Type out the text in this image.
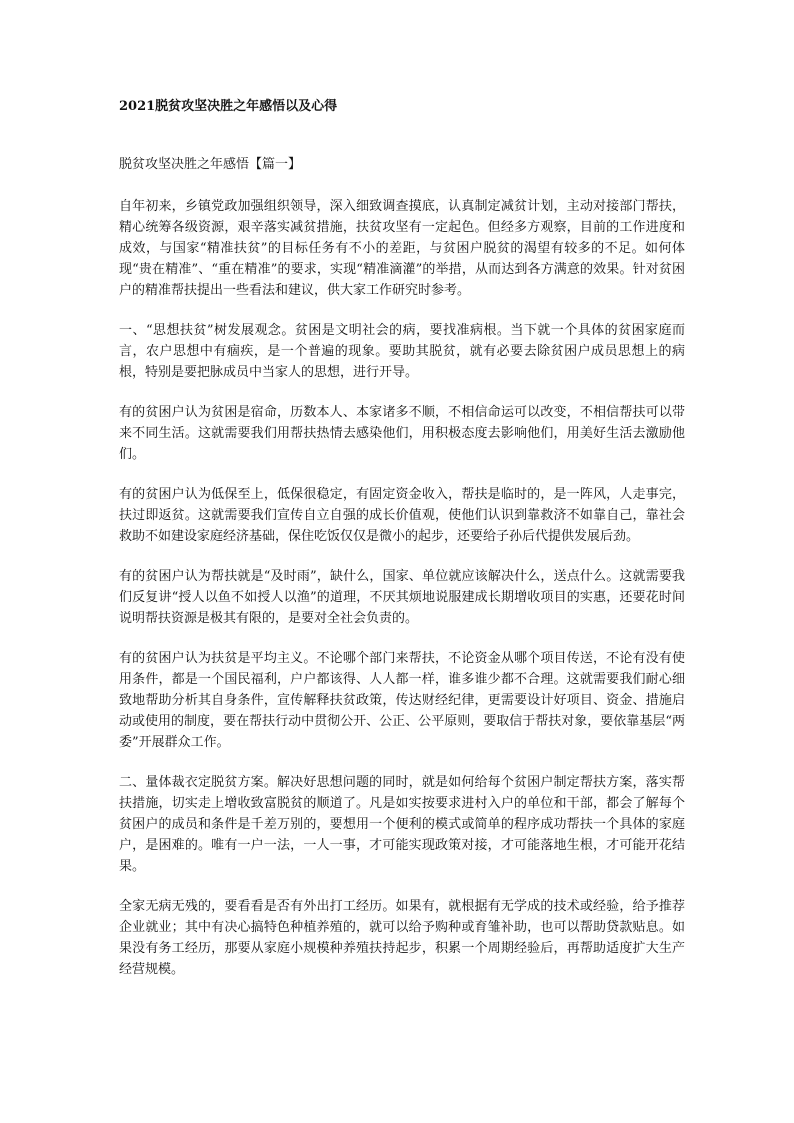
2021脱贫攻坚决胜之年感悟以及心得

脱贫攻坚决胜之年感悟【篇一】

自年初来，乡镇党政加强组织领导，深入细致调查摸底，认真制定减贫计划，主动对接部门帮扶，精心统筹各级资源，艰辛落实减贫措施，扶贫攻坚有一定起色。但经多方观察，目前的工作进度和成效，与国家“精准扶贫”的目标任务有不小的差距，与贫困户脱贫的渴望有较多的不足。如何体现“贵在精准”、“重在精准”的要求，实现“精准滴灌”的举措，从而达到各方满意的效果。针对贫困户的精准帮扶提出一些看法和建议，供大家工作研究时参考。

一、“思想扶贫”树发展观念。贫困是文明社会的病，要找准病根。当下就一个具体的贫困家庭而言，农户思想中有痼疾，是一个普遍的现象。要助其脱贫，就有必要去除贫困户成员思想上的病根，特别是要把脉成员中当家人的思想，进行开导。

有的贫困户认为贫困是宿命，历数本人、本家诸多不顺，不相信命运可以改变，不相信帮扶可以带来不同生活。这就需要我们用帮扶热情去感染他们，用积极态度去影响他们，用美好生活去激励他们。

有的贫困户认为低保至上，低保很稳定，有固定资金收入，帮扶是临时的，是一阵风，人走事完，扶过即返贫。这就需要我们宣传自立自强的成长价值观，使他们认识到靠救济不如靠自己，靠社会救助不如建设家庭经济基础，保住吃饭仅仅是微小的起步，还要给子孙后代提供发展后劲。

有的贫困户认为帮扶就是“及时雨”，缺什么，国家、单位就应该解决什么，送点什么。这就需要我们反复讲“授人以鱼不如授人以渔”的道理，不厌其烦地说服建成长期增收项目的实惠，还要花时间说明帮扶资源是极其有限的，是要对全社会负责的。

有的贫困户认为扶贫是平均主义。不论哪个部门来帮扶，不论资金从哪个项目传送，不论有没有使用条件，都是一个国民福利，户户都该得、人人都一样，谁多谁少都不合理。这就需要我们耐心细致地帮助分析其自身条件，宣传解释扶贫政策，传达财经纪律，更需要设计好项目、资金、措施启动或使用的制度，要在帮扶行动中贯彻公开、公正、公平原则，要取信于帮扶对象，要依靠基层“两委”开展群众工作。

二、量体裁衣定脱贫方案。解决好思想问题的同时，就是如何给每个贫困户制定帮扶方案，落实帮扶措施，切实走上增收致富脱贫的顺道了。凡是如实按要求进村入户的单位和干部，都会了解每个贫困户的成员和条件是千差万别的，要想用一个便利的模式或简单的程序成功帮扶一个具体的家庭户，是困难的。唯有一户一法，一人一事，才可能实现政策对接，才可能落地生根，才可能开花结果。

全家无病无残的，要看看是否有外出打工经历。如果有，就根据有无学成的技术或经验，给予推荐企业就业；其中有决心搞特色种植养殖的，就可以给予购种或育雏补助，也可以帮助贷款贴息。如果没有务工经历，那要从家庭小规模种养殖扶持起步，积累一个周期经验后，再帮助适度扩大生产经营规模。
